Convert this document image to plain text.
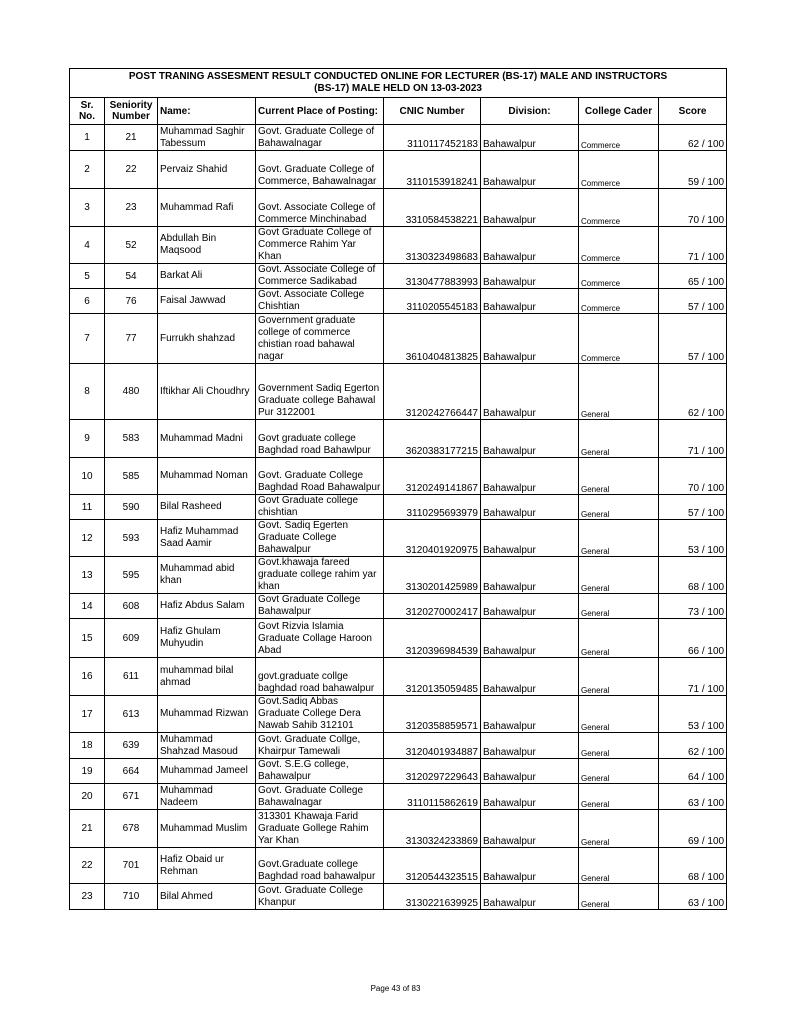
POST TRANING ASSESMENT RESULT CONDUCTED ONLINE FOR LECTURER (BS-17) MALE AND INSTRUCTORS
(BS-17) MALE HELD ON 13-03-2023							

Sr. No.	Seniority Number	Name:	Current Place of Posting:	CNIC Number	Division:	College Cader	Score
1	21	Muhammad Saghir Tabessum	Govt. Graduate College of Bahawalnagar	3110117452183	Bahawalpur	Commerce	62 / 100
2	22	Pervaiz Shahid	Govt. Graduate College of Commerce, Bahawalnagar	3110153918241	Bahawalpur	Commerce	59 / 100
3	23	Muhammad Rafi	Govt. Associate College of Commerce Minchinabad	3310584538221	Bahawalpur	Commerce	70 / 100
4	52	Abdullah Bin Maqsood	Govt Graduate College of Commerce Rahim Yar Khan	3130323498683	Bahawalpur	Commerce	71 / 100
5	54	Barkat Ali	Govt. Associate College of Commerce Sadikabad	3130477883993	Bahawalpur	Commerce	65 / 100
6	76	Faisal Jawwad	Govt. Associate College Chishtian	3110205545183	Bahawalpur	Commerce	57 / 100
7	77	Furrukh shahzad	Government graduate college of commerce chistian road bahawal nagar	3610404813825	Bahawalpur	Commerce	57 / 100
8	480	Iftikhar Ali Choudhry	Government Sadiq Egerton Graduate college Bahawal Pur 3122001	3120242766447	Bahawalpur	General	62 / 100
9	583	Muhammad Madni	Govt graduate college Baghdad road Bahawlpur	3620383177215	Bahawalpur	General	71 / 100
10	585	Muhammad Noman	Govt. Graduate College Baghdad Road Bahawalpur	3120249141867	Bahawalpur	General	70 / 100
11	590	Bilal Rasheed	Govt Graduate college chishtian	3110295693979	Bahawalpur	General	57 / 100
12	593	Hafiz Muhammad Saad Aamir	Govt. Sadiq Egerten Graduate College Bahawalpur	3120401920975	Bahawalpur	General	53 / 100
13	595	Muhammad abid khan	Govt.khawaja fareed graduate college rahim yar khan	3130201425989	Bahawalpur	General	68 / 100
14	608	Hafiz Abdus Salam	Govt Graduate College Bahawalpur	3120270002417	Bahawalpur	General	73 / 100
15	609	Hafiz Ghulam Muhyudin	Govt Rizvia Islamia Graduate Collage Haroon Abad	3120396984539	Bahawalpur	General	66 / 100
16	611	muhammad bilal ahmad	govt.graduate collge baghdad road bahawalpur	3120135059485	Bahawalpur	General	71 / 100
17	613	Muhammad Rizwan	Govt.Sadiq Abbas Graduate College Dera Nawab Sahib 312101	3120358859571	Bahawalpur	General	53 / 100
18	639	Muhammad Shahzad Masoud	Govt. Graduate Collge, Khairpur Tamewali	3120401934887	Bahawalpur	General	62 / 100
19	664	Muhammad Jameel	Govt. S.E.G college, Bahawalpur	3120297229643	Bahawalpur	General	64 / 100
20	671	Muhammad Nadeem	Govt. Graduate College Bahawalnagar	3110115862619	Bahawalpur	General	63 / 100
21	678	Muhammad Muslim	313301 Khawaja Farid Graduate Gollege Rahim Yar Khan	3130324233869	Bahawalpur	General	69 / 100
22	701	Hafiz Obaid ur Rehman	Govt.Graduate college Baghdad road bahawalpur	3120544323515	Bahawalpur	General	68 / 100
23	710	Bilal Ahmed	Govt. Graduate College Khanpur	3130221639925	Bahawalpur	General	63 / 100
Page 43 of 83
